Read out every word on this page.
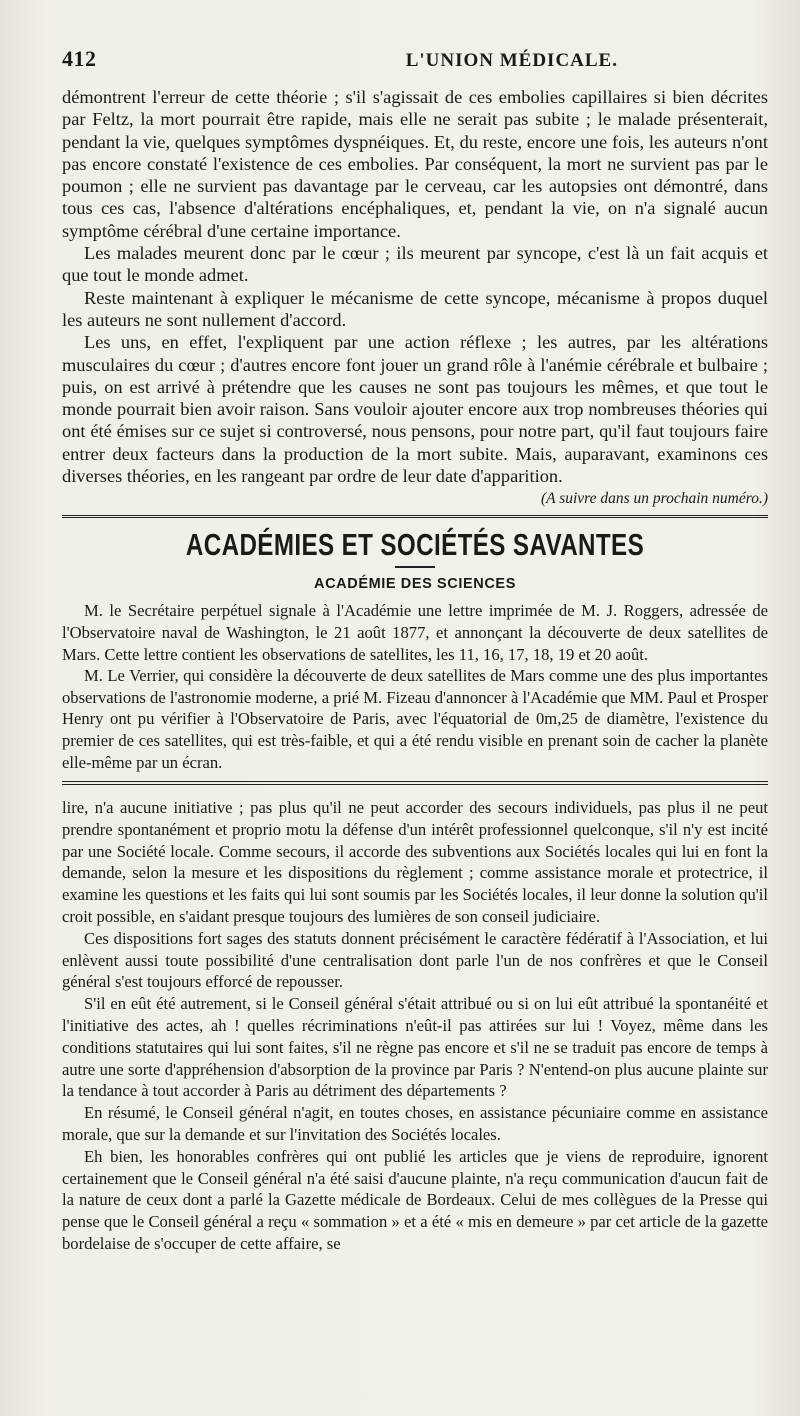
412	L'UNION MÉDICALE.

démontrent l'erreur de cette théorie ; s'il s'agissait de ces embolies capillaires si bien décrites par Feltz, la mort pourrait être rapide, mais elle ne serait pas subite ; le malade présenterait, pendant la vie, quelques symptômes dyspnéiques. Et, du reste, encore une fois, les auteurs n'ont pas encore constaté l'existence de ces embolies. Par conséquent, la mort ne survient pas par le poumon ; elle ne survient pas davantage par le cerveau, car les autopsies ont démontré, dans tous ces cas, l'absence d'altérations encéphaliques, et, pendant la vie, on n'a signalé aucun symptôme cérébral d'une certaine importance.

Les malades meurent donc par le cœur ; ils meurent par syncope, c'est là un fait acquis et que tout le monde admet.

Reste maintenant à expliquer le mécanisme de cette syncope, mécanisme à propos duquel les auteurs ne sont nullement d'accord.

Les uns, en effet, l'expliquent par une action réflexe ; les autres, par les altérations musculaires du cœur ; d'autres encore font jouer un grand rôle à l'anémie cérébrale et bulbaire ; puis, on est arrivé à prétendre que les causes ne sont pas toujours les mêmes, et que tout le monde pourrait bien avoir raison. Sans vouloir ajouter encore aux trop nombreuses théories qui ont été émises sur ce sujet si controversé, nous pensons, pour notre part, qu'il faut toujours faire entrer deux facteurs dans la production de la mort subite. Mais, auparavant, examinons ces diverses théories, en les rangeant par ordre de leur date d'apparition.

(A suivre dans un prochain numéro.)
ACADÉMIES ET SOCIÉTÉS SAVANTES
ACADÉMIE DES SCIENCES

M. le Secrétaire perpétuel signale à l'Académie une lettre imprimée de M. J. Roggers, adressée de l'Observatoire naval de Washington, le 21 août 1877, et annonçant la découverte de deux satellites de Mars. Cette lettre contient les observations de satellites, les 11, 16, 17, 18, 19 et 20 août.

M. Le Verrier, qui considère la découverte de deux satellites de Mars comme une des plus importantes observations de l'astronomie moderne, a prié M. Fizeau d'annoncer à l'Académie que MM. Paul et Prosper Henry ont pu vérifier à l'Observatoire de Paris, avec l'équatorial de 0m,25 de diamètre, l'existence du premier de ces satellites, qui est très-faible, et qui a été rendu visible en prenant soin de cacher la planète elle-même par un écran.

lire, n'a aucune initiative ; pas plus qu'il ne peut accorder des secours individuels, pas plus il ne peut prendre spontanément et proprio motu la défense d'un intérêt professionnel quelconque, s'il n'y est incité par une Société locale. Comme secours, il accorde des subventions aux Sociétés locales qui lui en font la demande, selon la mesure et les dispositions du règlement ; comme assistance morale et protectrice, il examine les questions et les faits qui lui sont soumis par les Sociétés locales, il leur donne la solution qu'il croit possible, en s'aidant presque toujours des lumières de son conseil judiciaire.

Ces dispositions fort sages des statuts donnent précisément le caractère fédératif à l'Association, et lui enlèvent aussi toute possibilité d'une centralisation dont parle l'un de nos confrères et que le Conseil général s'est toujours efforcé de repousser.

S'il en eût été autrement, si le Conseil général s'était attribué ou si on lui eût attribué la spontanéité et l'initiative des actes, ah ! quelles récriminations n'eût-il pas attirées sur lui ! Voyez, même dans les conditions statutaires qui lui sont faites, s'il ne règne pas encore et s'il ne se traduit pas encore de temps à autre une sorte d'appréhension d'absorption de la province par Paris ? N'entend-on plus aucune plainte sur la tendance à tout accorder à Paris au détriment des départements ?

En résumé, le Conseil général n'agit, en toutes choses, en assistance pécuniaire comme en assistance morale, que sur la demande et sur l'invitation des Sociétés locales.

Eh bien, les honorables confrères qui ont publié les articles que je viens de reproduire, ignorent certainement que le Conseil général n'a été saisi d'aucune plainte, n'a reçu communication d'aucun fait de la nature de ceux dont a parlé la Gazette médicale de Bordeaux. Celui de mes collègues de la Presse qui pense que le Conseil général a reçu « sommation » et a été « mis en demeure » par cet article de la gazette bordelaise de s'occuper de cette affaire, se
